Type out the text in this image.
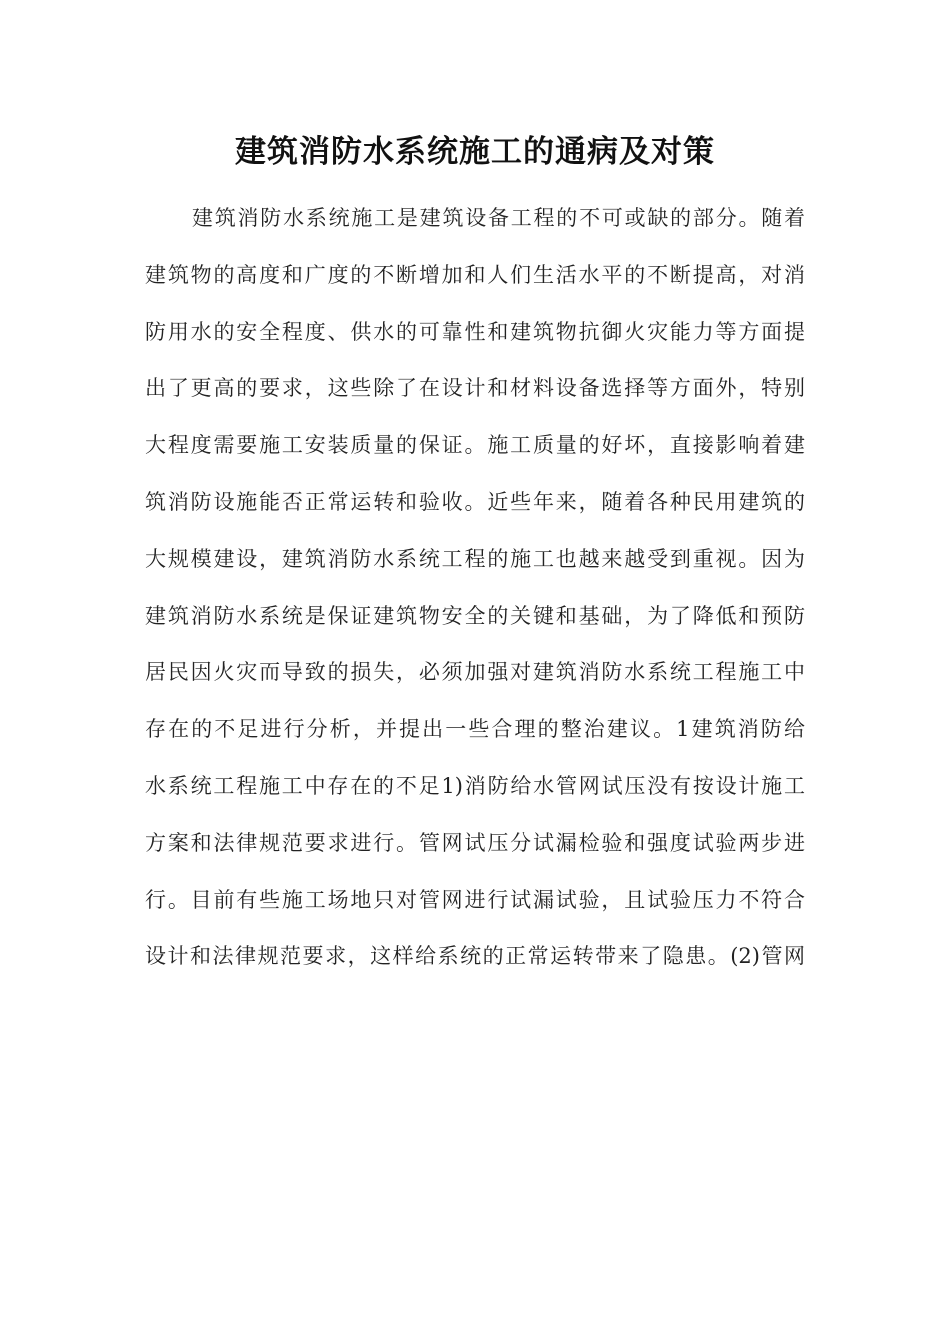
建筑消防水系统施工的通病及对策
建筑消防水系统施工是建筑设备工程的不可或缺的部分。随着
建筑物的高度和广度的不断增加和人们生活水平的不断提高，对消
防用水的安全程度、供水的可靠性和建筑物抗御火灾能力等方面提
出了更高的要求，这些除了在设计和材料设备选择等方面外，特别
大程度需要施工安装质量的保证。施工质量的好坏，直接影响着建
筑消防设施能否正常运转和验收。近些年来，随着各种民用建筑的
大规模建设，建筑消防水系统工程的施工也越来越受到重视。因为
建筑消防水系统是保证建筑物安全的关键和基础，为了降低和预防
居民因火灾而导致的损失，必须加强对建筑消防水系统工程施工中
存在的不足进行分析，并提出一些合理的整治建议。1建筑消防给
水系统工程施工中存在的不足1)消防给水管网试压没有按设计施工
方案和法律规范要求进行。管网试压分试漏检验和强度试验两步进
行。目前有些施工场地只对管网进行试漏试验，且试验压力不符合
设计和法律规范要求，这样给系统的正常运转带来了隐患。(2)管网
